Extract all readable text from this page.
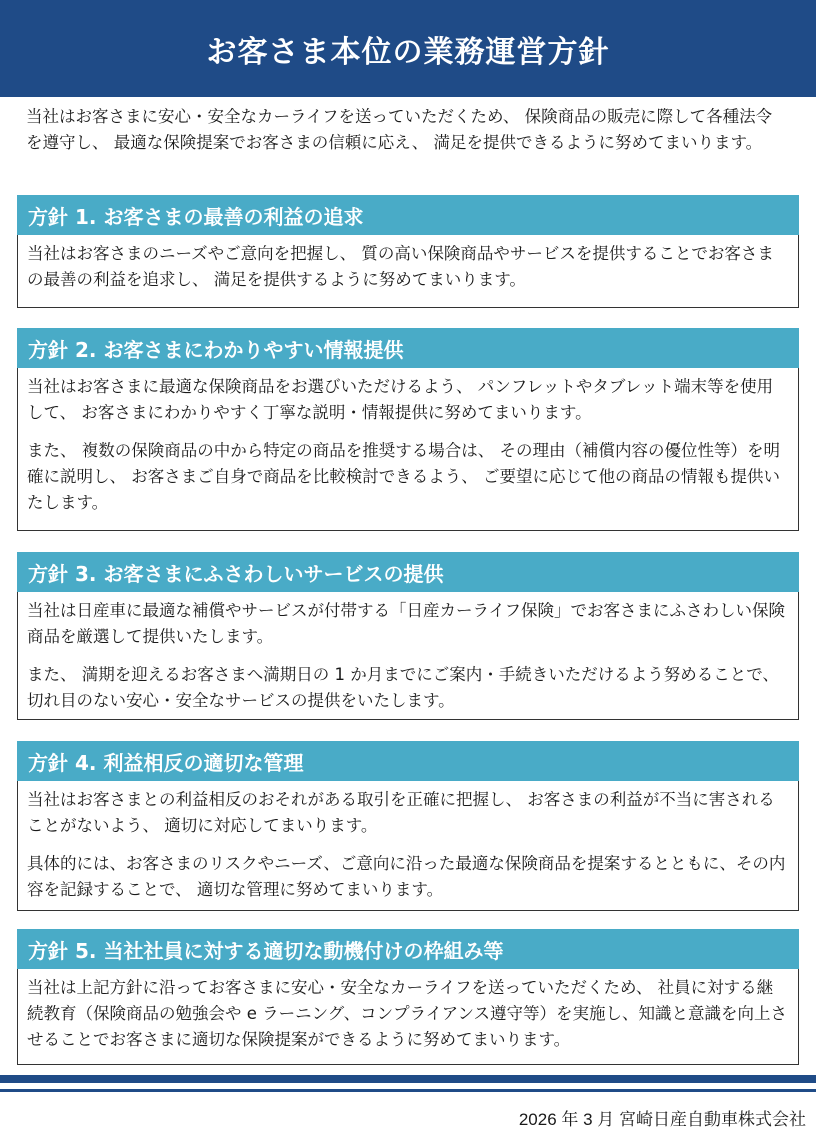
お客さま本位の業務運営方針

当社はお客さまに安心・安全なカーライフを送っていただくため、 保険商品の販売に際して各種法令を遵守し、 最適な保険提案でお客さまの信頼に応え、 満足を提供できるように努めてまいります。

方針 1. お客さまの最善の利益の追求

当社はお客さまのニーズやご意向を把握し、 質の高い保険商品やサービスを提供することでお客さまの最善の利益を追求し、 満足を提供するように努めてまいります。

方針 2. お客さまにわかりやすい情報提供

当社はお客さまに最適な保険商品をお選びいただけるよう、 パンフレットやタブレット端末等を使用して、 お客さまにわかりやすく丁寧な説明・情報提供に努めてまいります。

また、 複数の保険商品の中から特定の商品を推奨する場合は、 その理由（補償内容の優位性等）を明確に説明し、 お客さまご自身で商品を比較検討できるよう、 ご要望に応じて他の商品の情報も提供いたします。

方針 3. お客さまにふさわしいサービスの提供

当社は日産車に最適な補償やサービスが付帯する「日産カーライフ保険」でお客さまにふさわしい保険商品を厳選して提供いたします。

また、 満期を迎えるお客さまへ満期日の 1 か月までにご案内・手続きいただけるよう努めることで、 切れ目のない安心・安全なサービスの提供をいたします。

方針 4. 利益相反の適切な管理

当社はお客さまとの利益相反のおそれがある取引を正確に把握し、 お客さまの利益が不当に害されることがないよう、 適切に対応してまいります。

具体的には、お客さまのリスクやニーズ、ご意向に沿った最適な保険商品を提案するとともに、その内容を記録することで、 適切な管理に努めてまいります。

方針 5. 当社社員に対する適切な動機付けの枠組み等

当社は上記方針に沿ってお客さまに安心・安全なカーライフを送っていただくため、 社員に対する継続教育（保険商品の勉強会や e ラーニング、コンプライアンス遵守等）を実施し、知識と意識を向上させることでお客さまに適切な保険提案ができるように努めてまいります。

2026 年 3 月 宮崎日産自動車株式会社
